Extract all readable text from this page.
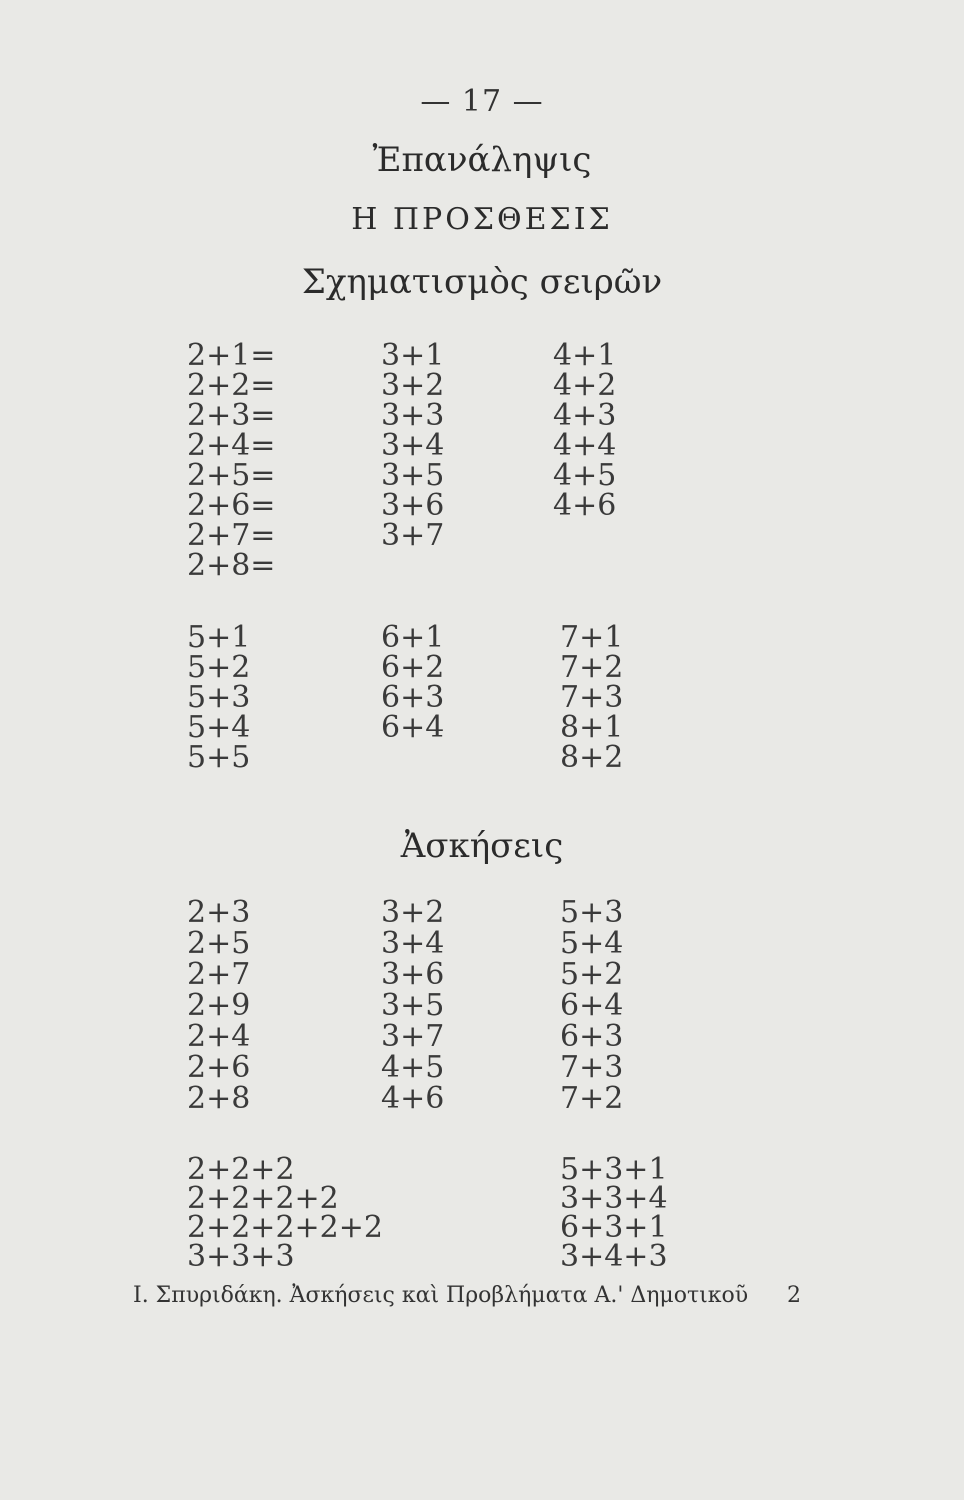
— 17 —
Ἐπανάληψις
Η ΠΡΟΣΘΕΣΙΣ
Σχηματισμὸς σειρῶν
2+1=
2+2=
2+3=
2+4=
2+5=
2+6=
2+7=
2+8=
3+1
3+2
3+3
3+4
3+5
3+6
3+7
4+1
4+2
4+3
4+4
4+5
4+6
5+1
5+2
5+3
5+4
5+5
6+1
6+2
6+3
6+4
7+1
7+2
7+3
8+1
8+2
Ἀσκήσεις
2+3
2+5
2+7
2+9
2+4
2+6
2+8
3+2
3+4
3+6
3+5
3+7
4+5
4+6
5+3
5+4
5+2
6+4
6+3
7+3
7+2
2+2+2
2+2+2+2
2+2+2+2+2
3+3+3
5+3+1
3+3+4
6+3+1
3+4+3
Ι. Σπυριδάκη. Ἀσκήσεις καὶ Προβλήματα Α.' Δημοτικοῦ 2
